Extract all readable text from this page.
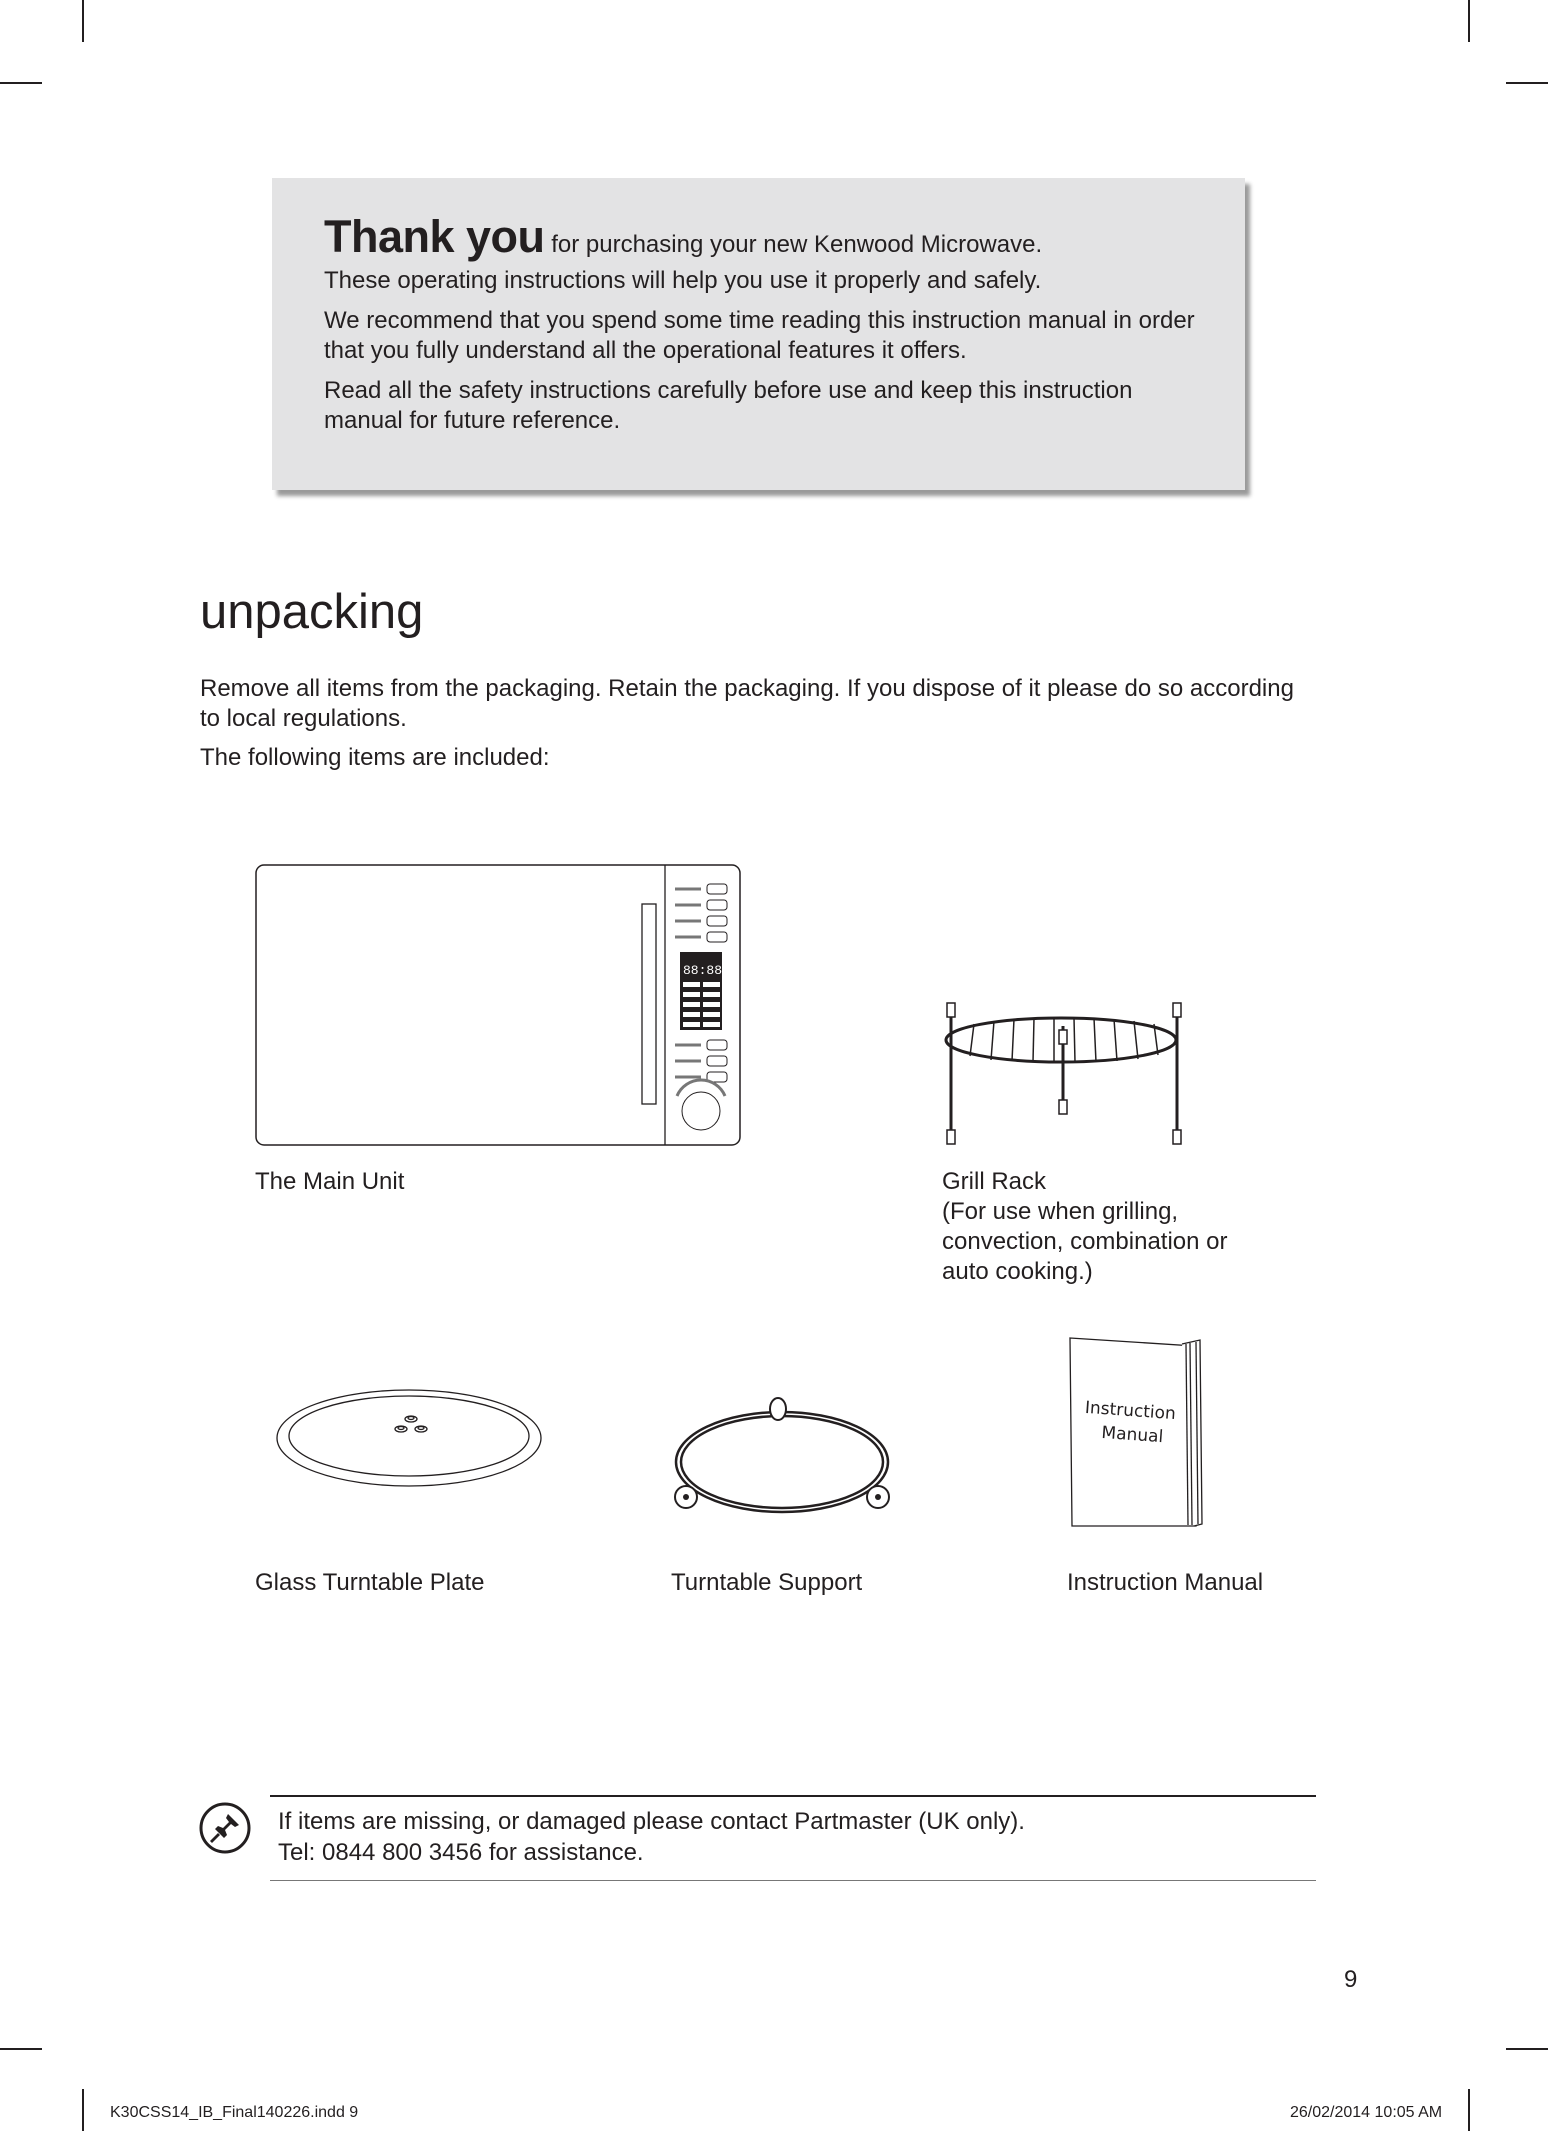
Thank you for purchasing your new Kenwood Microwave.

These operating instructions will help you use it properly and safely.

We recommend that you spend some time reading this instruction manual in order that you fully understand all the operational features it offers.

Read all the safety instructions carefully before use and keep this instruction manual for future reference.

unpacking
Remove all items from the packaging. Retain the packaging. If you dispose of it please do so according to local regulations.
The following items are included:
88:88
The Main Unit	Grill Rack
(For use when grilling, convection, combination or auto cooking.)
Glass Turntable Plate	Turntable Support
Instruction
Manual
Instruction Manual
If items are missing, or damaged please contact Partmaster (UK only).
Tel: 0844 800 3456 for assistance.
9
K30CSS14_IB_Final140226.indd 9	26/02/2014 10:05 AM
